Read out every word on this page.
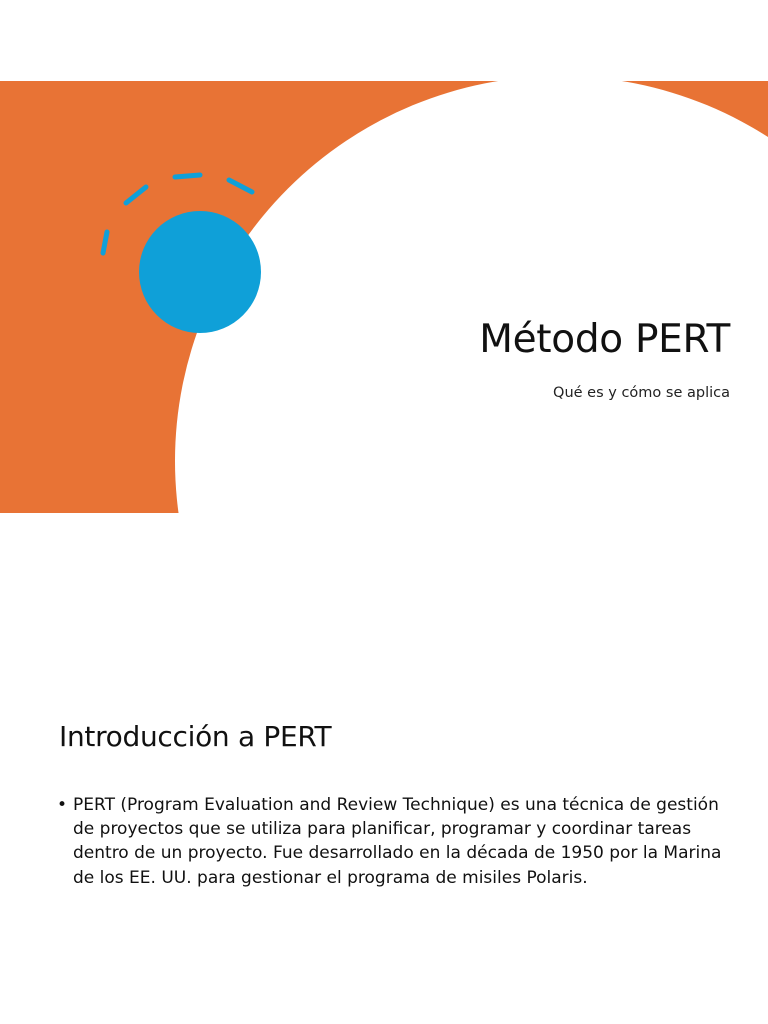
Método PERT

Qué es y cómo se aplica

Introducción a PERT
• PERT (Program Evaluation and Review Technique) es una técnica de gestión de proyectos que se utiliza para planificar, programar y coordinar tareas dentro de un proyecto. Fue desarrollado en la década de 1950 por la Marina de los EE. UU. para gestionar el programa de misiles Polaris.
